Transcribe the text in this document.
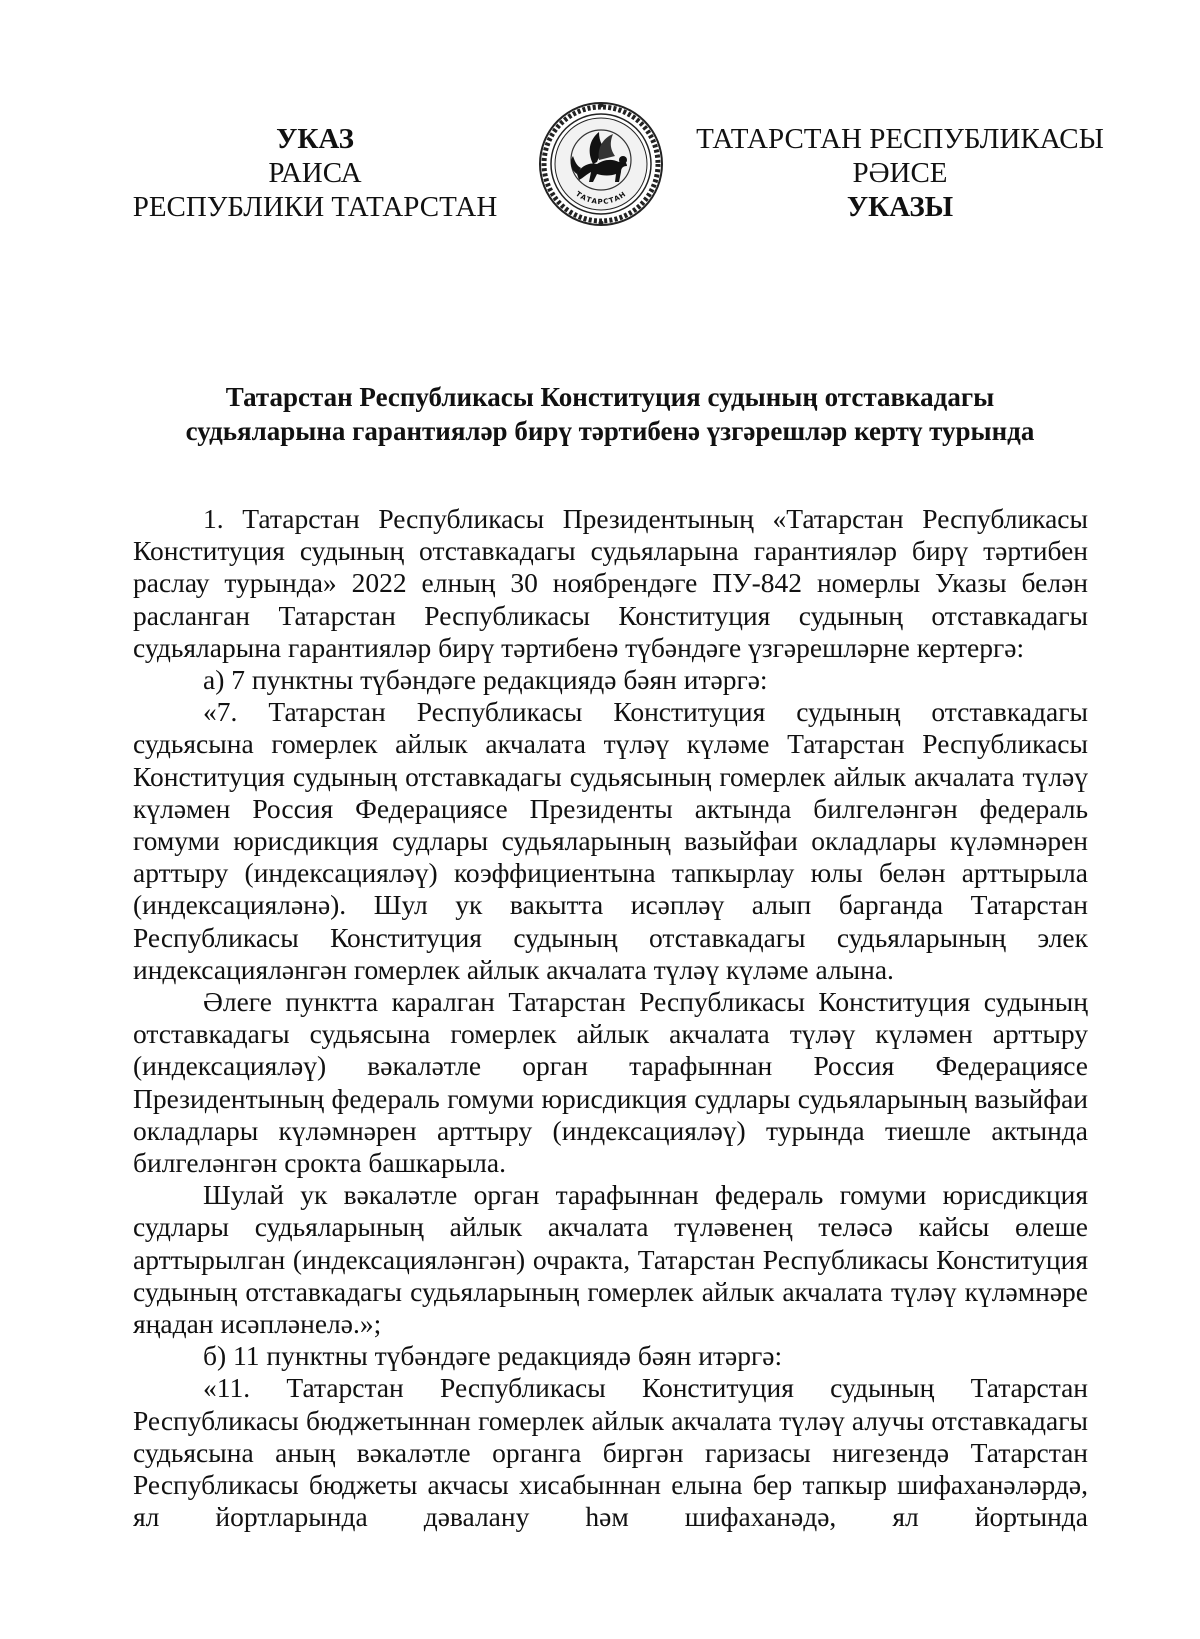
УКАЗ
РАИСА
РЕСПУБЛИКИ ТАТАРСТАН	ТАТАРСТАН
ТАТАРСТАН РЕСПУБЛИКАСЫ
РӘИСЕ
УКАЗЫ
Татарстан Республикасы Конституция судының отставкадагы
судьяларына гарантияләр бирү тәртибенә үзгәрешләр кертү турында

1. Татарстан Республикасы Президентының «Татарстан Республикасы Конституция судының отставкадагы судьяларына гарантияләр бирү тәртибен раслау турында» 2022 елның 30 ноябрендәге ПУ-842 номерлы Указы белән расланган Татарстан Республикасы Конституция судының отставкадагы судьяларына гарантияләр бирү тәртибенә түбәндәге үзгәрешләрне кертергә:

а) 7 пунктны түбәндәге редакциядә бәян итәргә:

«7. Татарстан Республикасы Конституция судының отставкадагы судьясына гомерлек айлык акчалата түләү күләме Татарстан Республикасы Конституция судының отставкадагы судьясының гомерлек айлык акчалата түләү күләмен Россия Федерациясе Президенты актында билгеләнгән федераль гомуми юрисдикция судлары судьяларының вазыйфаи окладлары күләмнәрен арттыру (индексацияләү) коэффициентына тапкырлау юлы белән арттырыла (индексацияләнә). Шул ук вакытта исәпләү алып барганда Татарстан Республикасы Конституция судының отставкадагы судьяларының элек индексацияләнгән гомерлек айлык акчалата түләү күләме алына.

Әлеге пунктта каралган Татарстан Республикасы Конституция судының отставкадагы судьясына гомерлек айлык акчалата түләү күләмен арттыру (индексацияләү) вәкаләтле орган тарафыннан Россия Федерациясе Президентының федераль гомуми юрисдикция судлары судьяларының вазыйфаи окладлары күләмнәрен арттыру (индексацияләү) турында тиешле актында билгеләнгән срокта башкарыла.

Шулай ук вәкаләтле орган тарафыннан федераль гомуми юрисдикция судлары судьяларының айлык акчалата түләвенең теләсә кайсы өлеше арттырылган (индексацияләнгән) очракта, Татарстан Республикасы Конституция судының отставкадагы судьяларының гомерлек айлык акчалата түләү күләмнәре яңадан исәпләнелә.»;

б) 11 пунктны түбәндәге редакциядә бәян итәргә:

«11. Татарстан Республикасы Конституция судының Татарстан Республикасы бюджетыннан гомерлек айлык акчалата түләү алучы отставкадагы судьясына аның вәкаләтле органга биргән гаризасы нигезендә Татарстан Республикасы бюджеты акчасы хисабыннан елына бер тапкыр шифаханәләрдә, ял йортларында дәвалану һәм шифаханәдә, ял йортында
